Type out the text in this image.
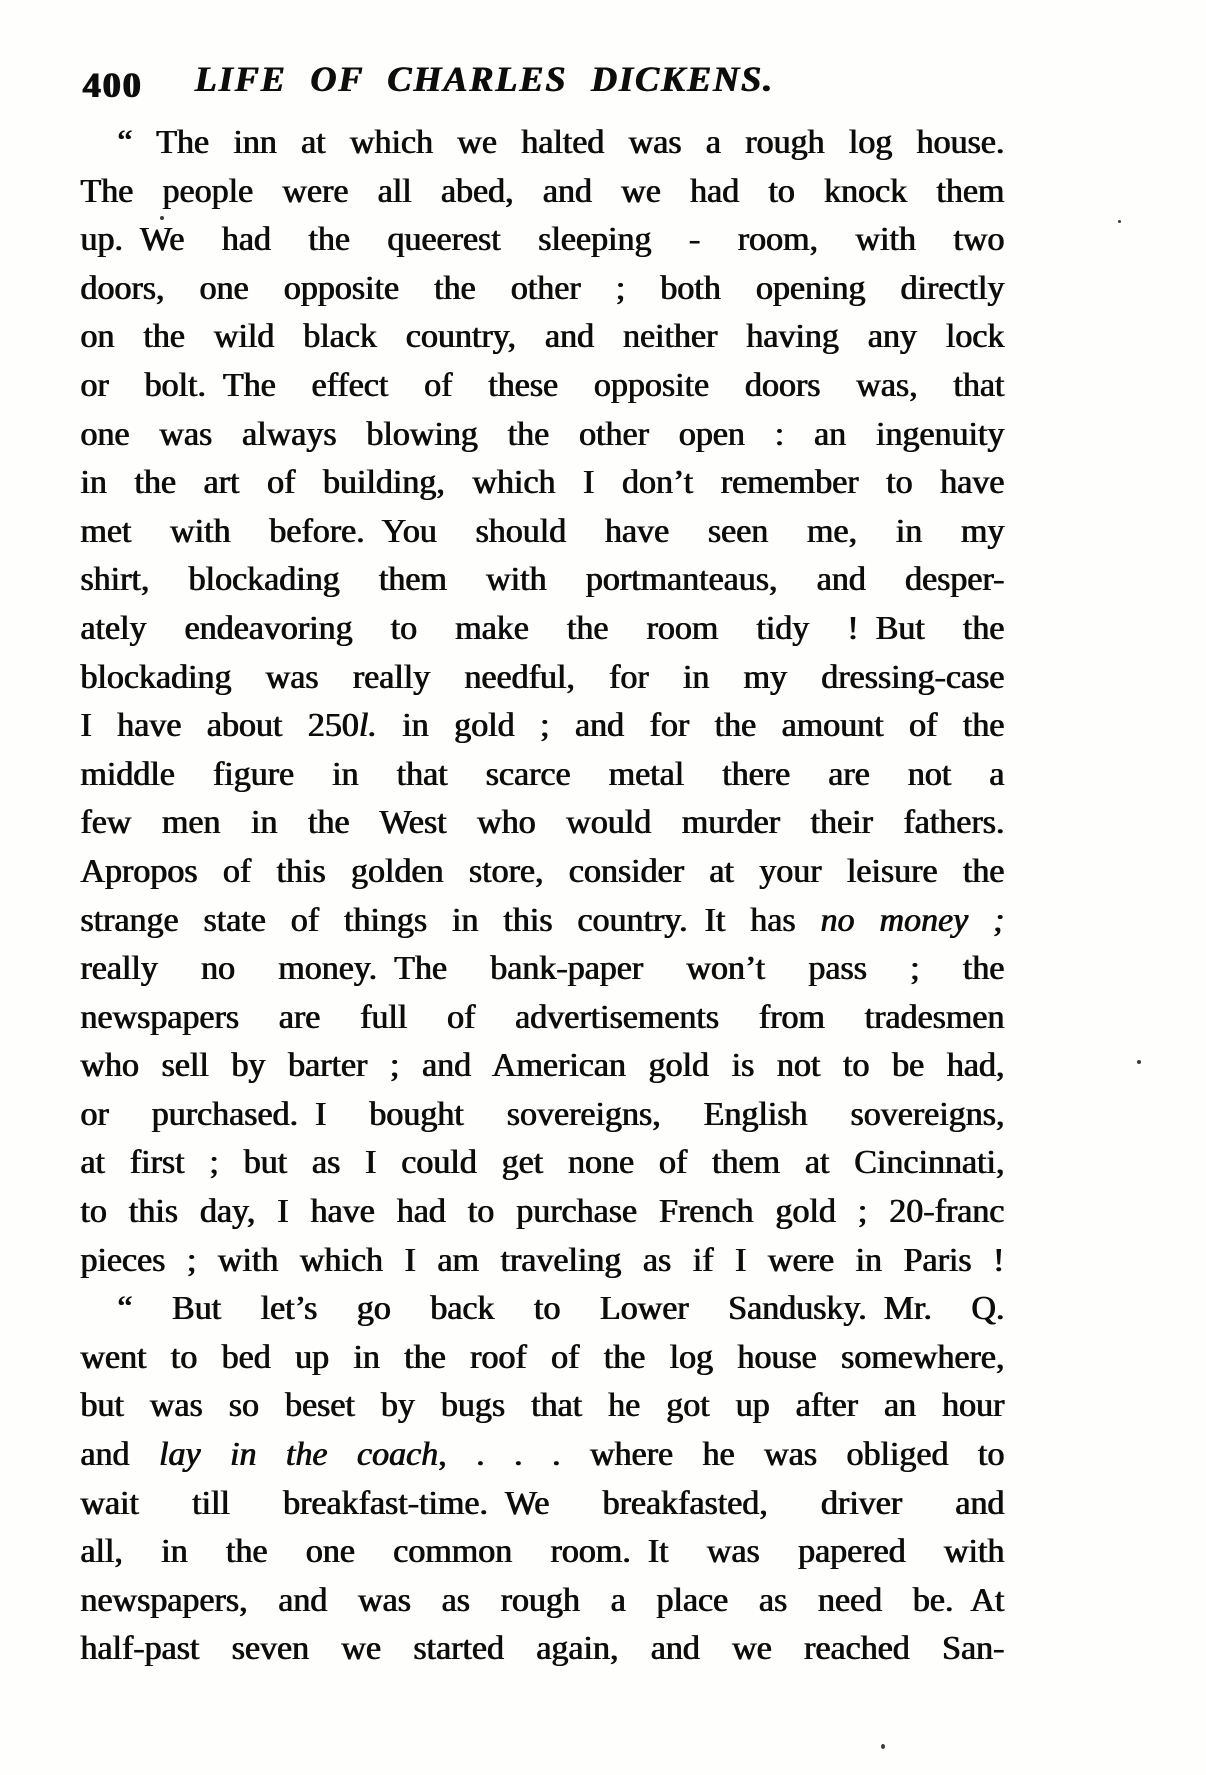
400	LIFE OF CHARLES DICKENS.
“ The inn at which we halted was a rough log house.
The people were all abed, and we had to knock them
up. We had the queerest sleeping - room, with two
doors, one opposite the other ; both opening directly
on the wild black country, and neither having any lock
or bolt. The effect of these opposite doors was, that
one was always blowing the other open : an ingenuity
in the art of building, which I don’t remember to have
met with before. You should have seen me, in my
shirt, blockading them with portmanteaus, and desper-
ately endeavoring to make the room tidy ! But the
blockading was really needful, for in my dressing-case
I have about 250l. in gold ; and for the amount of the
middle figure in that scarce metal there are not a
few men in the West who would murder their fathers.
Apropos of this golden store, consider at your leisure the
strange state of things in this country. It has no money ;
really no money. The bank-paper won’t pass ; the
newspapers are full of advertisements from tradesmen
who sell by barter ; and American gold is not to be had,
or purchased. I bought sovereigns, English sovereigns,
at first ; but as I could get none of them at Cincinnati,
to this day, I have had to purchase French gold ; 20-franc
pieces ; with which I am traveling as if I were in Paris !
“ But let’s go back to Lower Sandusky. Mr. Q.
went to bed up in the roof of the log house somewhere,
but was so beset by bugs that he got up after an hour
and lay in the coach, . . . where he was obliged to
wait till breakfast-time. We breakfasted, driver and
all, in the one common room. It was papered with
newspapers, and was as rough a place as need be. At
half-past seven we started again, and we reached San-
